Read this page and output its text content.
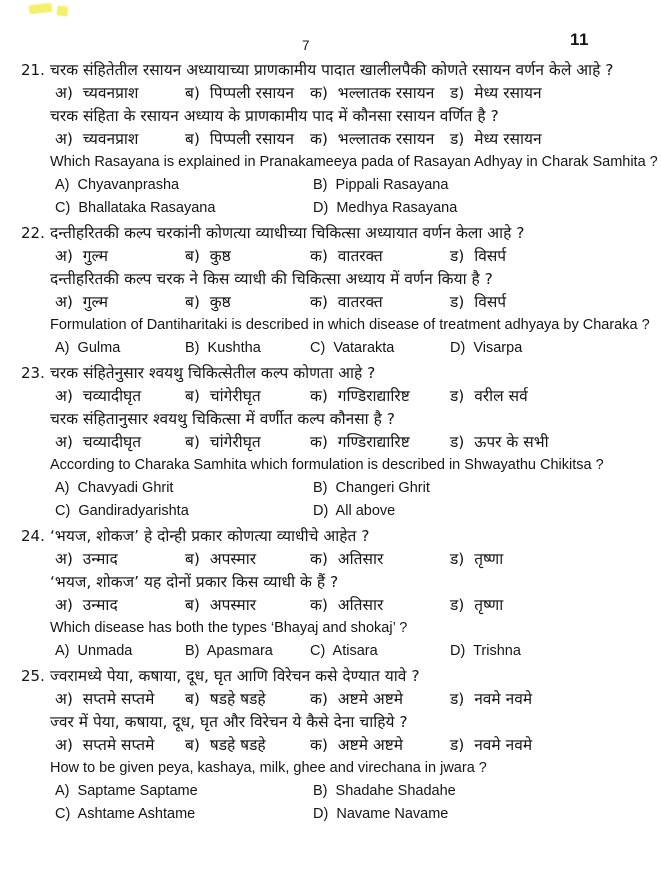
7	11
21. चरक संहितेतील रसायन अध्यायाच्या प्राणकामीय पादात खालीलपैकी कोणते रसायन वर्णन केले आहे ?
अ)  च्यवनप्राश	ब)  पिप्पली रसायन	क)  भल्लातक रसायन	ड)  मेध्य रसायन
चरक संहिता के रसायन अध्याय के प्राणकामीय पाद में कौनसा रसायन वर्णित है ?
अ)  च्यवनप्राश	ब)  पिप्पली रसायन	क)  भल्लातक रसायन	ड)  मेध्य रसायन
Which Rasayana is explained in Pranakameeya pada of Rasayan Adhyay in Charak Samhita ?
A)  Chyavanprasha	B)  Pippali Rasayana
C)  Bhallataka Rasayana	D)  Medhya Rasayana
22. दन्तीहरितकी कल्प चरकांनी कोणत्या व्याधीच्या चिकित्सा अध्यायात वर्णन केला आहे ?
अ)  गुल्म	ब)  कुष्ठ	क)  वातरक्त	ड)  विसर्प
दन्तीहरितकी कल्प चरक ने किस व्याधी की चिकित्सा अध्याय में वर्णन किया है ?
अ)  गुल्म	ब)  कुष्ठ	क)  वातरक्त	ड)  विसर्प
Formulation of Dantiharitaki is described in which disease of treatment adhyaya by Charaka ?
A)  Gulma	B)  Kushtha	C)  Vatarakta	D)  Visarpa
23. चरक संहितेनुसार श्वयथु चिकित्सेतील कल्प कोणता आहे ?
अ)  चव्यादीघृत	ब)  चांगेरीघृत	क)  गण्डिराद्यारिष्ट	ड)  वरील सर्व
चरक संहितानुसार श्वयथु चिकित्सा में वर्णीत कल्प कौनसा है ?
अ)  चव्यादीघृत	ब)  चांगेरीघृत	क)  गण्डिराद्यारिष्ट	ड)  ऊपर के सभी
According to Charaka Samhita which formulation is described in Shwayathu Chikitsa ?
A)  Chavyadi Ghrit	B)  Changeri Ghrit
C)  Gandiradyarishta	D)  All above
24. ‘भयज, शोकज’ हे दोन्ही प्रकार कोणत्या व्याधीचे आहेत ?
अ)  उन्माद	ब)  अपस्मार	क)  अतिसार	ड)  तृष्णा
‘भयज, शोकज’ यह दोनों प्रकार किस व्याधी के हैं ?
अ)  उन्माद	ब)  अपस्मार	क)  अतिसार	ड)  तृष्णा
Which disease has both the types ‘Bhayaj and shokaj’ ?
A)  Unmada	B)  Apasmara	C)  Atisara	D)  Trishna
25. ज्वरामध्ये पेया, कषाया, दूध, घृत आणि विरेचन कसे देण्यात यावे ?
अ)  सप्तमे सप्तमे	ब)  षडहे षडहे	क)  अष्टमे अष्टमे	ड)  नवमे नवमे
ज्वर में पेया, कषाया, दूध, घृत और विरेचन ये कैसे देना चाहिये ?
अ)  सप्तमे सप्तमे	ब)  षडहे षडहे	क)  अष्टमे अष्टमे	ड)  नवमे नवमे
How to be given peya, kashaya, milk, ghee and virechana in jwara ?
A)  Saptame Saptame	B)  Shadahe Shadahe
C)  Ashtame Ashtame	D)  Navame Navame
